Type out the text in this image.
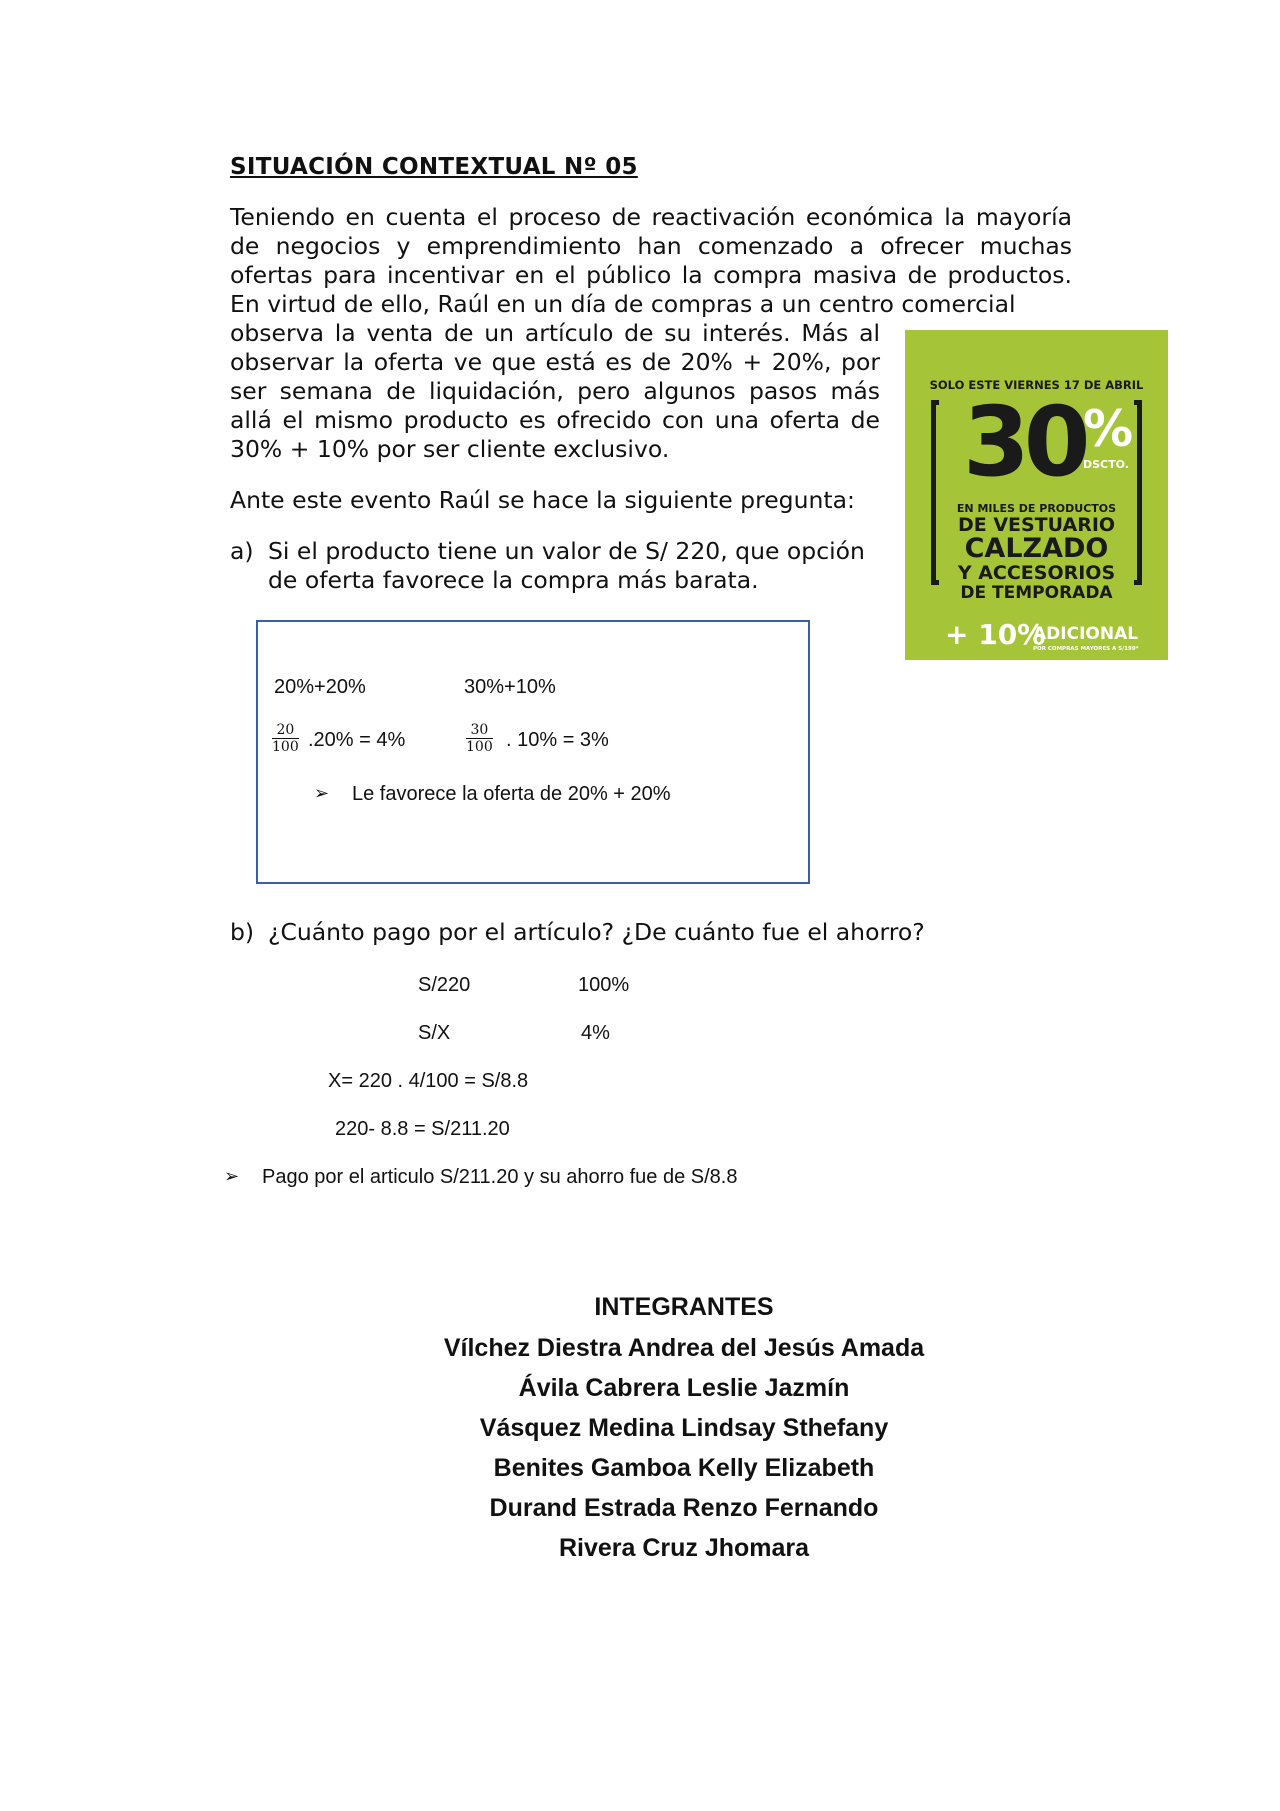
SITUACIÓN CONTEXTUAL Nº 05
Teniendo en cuenta el proceso de reactivación económica la mayoría de negocios y emprendimiento han comenzado a ofrecer muchas ofertas para incentivar en el público la compra masiva de productos. En virtud de ello, Raúl en un día de compras a un centro comercial
observa la venta de un artículo de su interés. Más al observar la oferta ve que está es de 20% + 20%, por ser semana de liquidación, pero algunos pasos más allá el mismo producto es ofrecido con una oferta de 30% + 10% por ser cliente exclusivo.
SOLO ESTE VIERNES 17 DE ABRIL
30
%
DSCTO.
EN MILES DE PRODUCTOS
DE VESTUARIO
CALZADO
Y ACCESORIOS
DE TEMPORADA
+ 10%
ADICIONAL
POR COMPRAS MAYORES A S/199*
Ante este evento Raúl se hace la siguiente pregunta:
a) Si el producto tiene un valor de S/ 220, que opción de oferta favorece la compra más barata.
20%+20%	30%+10%
$\frac{20}{100} .20\% = 4\%$	$\frac{30}{100}$ . 10% = 3%
➢ Le favorece la oferta de 20% + 20%
b) ¿Cuánto pago por el artículo? ¿De cuánto fue el ahorro?
S/220	100%
S/X	4%
X= 220 . 4/100 = S/8.8
220- 8.8 = S/211.20
➢ Pago por el articulo S/211.20 y su ahorro fue de S/8.8
INTEGRANTES
Vílchez Diestra Andrea del Jesús Amada
Ávila Cabrera Leslie Jazmín
Vásquez Medina Lindsay Sthefany
Benites Gamboa Kelly Elizabeth
Durand Estrada Renzo Fernando
Rivera Cruz Jhomara
